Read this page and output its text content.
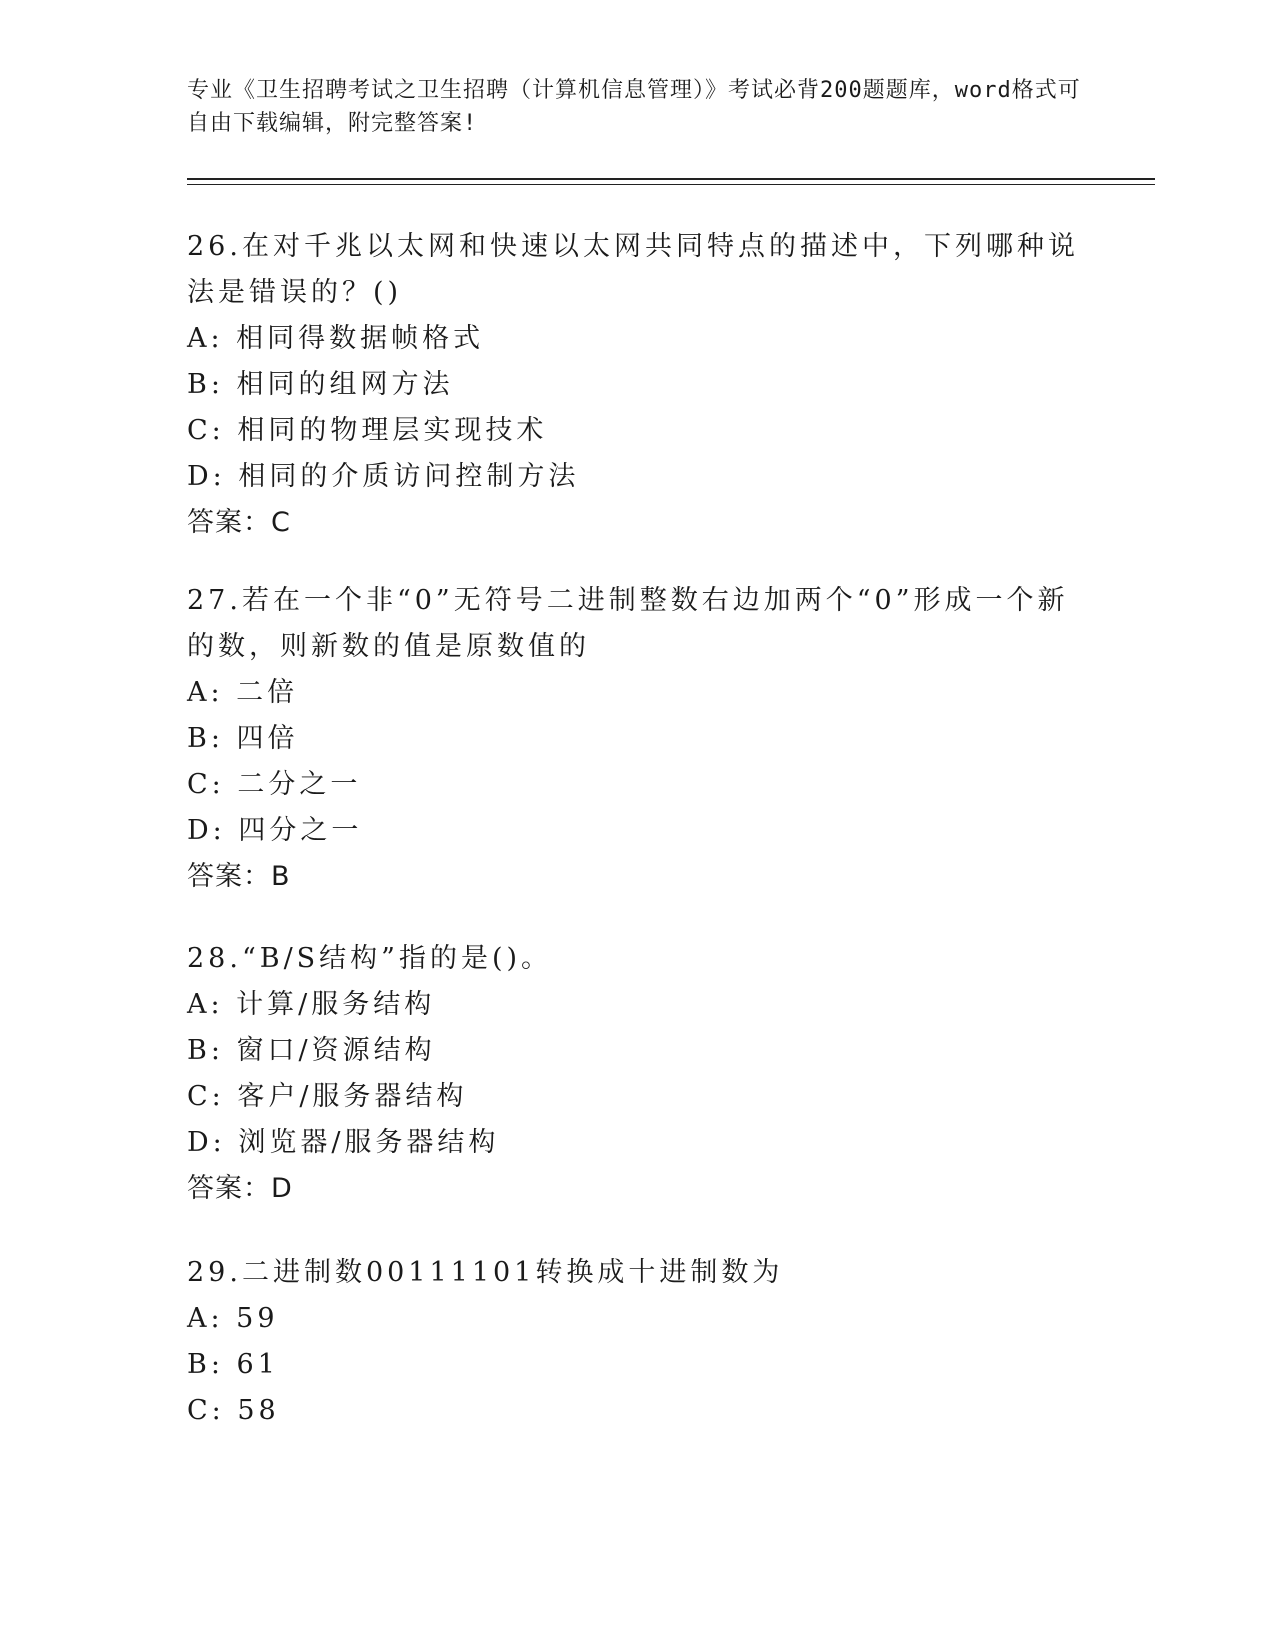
专业《卫生招聘考试之卫生招聘（计算机信息管理）》考试必背200题题库，word格式可自由下载编辑，附完整答案!

26.在对千兆以太网和快速以太网共同特点的描述中，下列哪种说法是错误的？()

A: 相同得数据帧格式

B: 相同的组网方法

C: 相同的物理层实现技术

D: 相同的介质访问控制方法

答案：C

27.若在一个非“0”无符号二进制整数右边加两个“0”形成一个新的数，则新数的值是原数值的

A: 二倍

B: 四倍

C: 二分之一

D: 四分之一

答案：B

28.“B/S结构”指的是()。

A: 计算/服务结构

B: 窗口/资源结构

C: 客户/服务器结构

D: 浏览器/服务器结构

答案：D

29.二进制数00111101转换成十进制数为

A: 59

B: 61

C: 58
